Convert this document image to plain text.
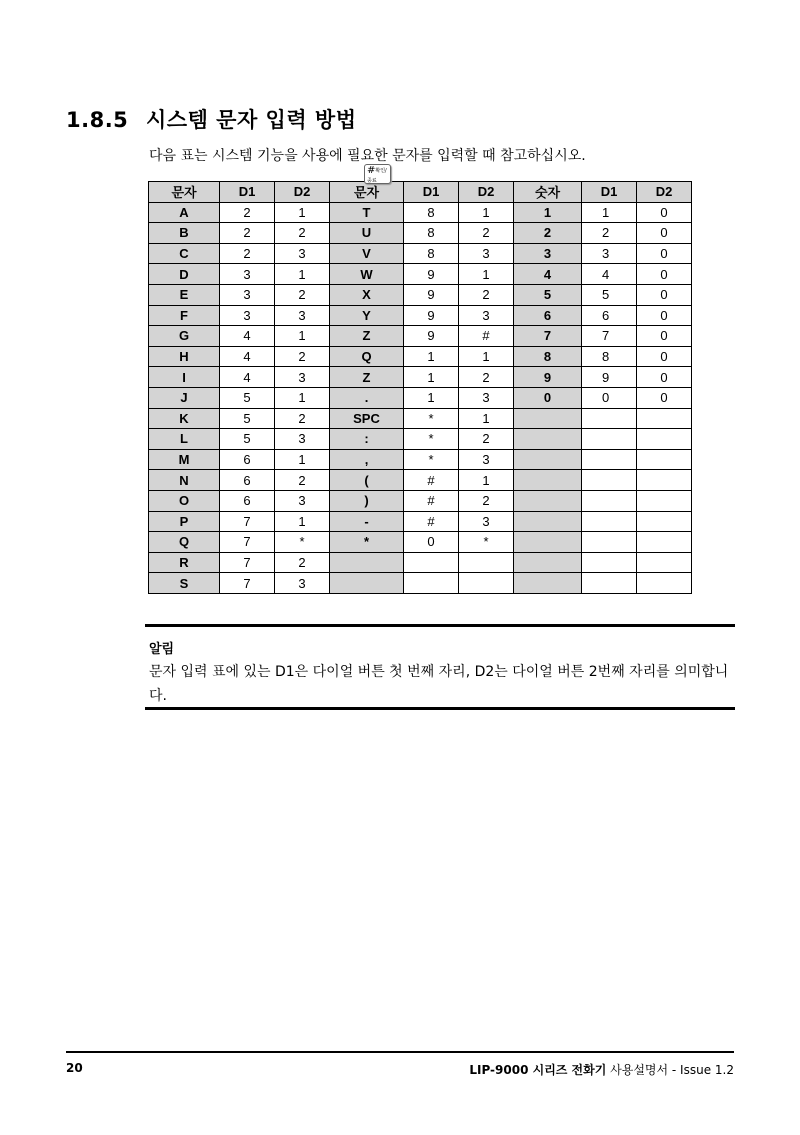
1.8.5 시스템 문자 입력 방법
다음 표는 시스템 기능을 사용에 필요한 문자를 입력할 때 참고하십시오.
#$^{확인/종료}$
문자	D1	D2	문자	D1	D2	숫자	D1	D2
A	2	1	T	8	1	1	1	0
B	2	2	U	8	2	2	2	0
C	2	3	V	8	3	3	3	0
D	3	1	W	9	1	4	4	0
E	3	2	X	9	2	5	5	0
F	3	3	Y	9	3	6	6	0
G	4	1	Z	9	#	7	7	0
H	4	2	Q	1	1	8	8	0
I	4	3	Z	1	2	9	9	0
J	5	1	.	1	3	0	0	0
K	5	2	SPC	*	1			
L	5	3	:	*	2			
M	6	1	,	*	3			
N	6	2	(	#	1			
O	6	3	)	#	2			
P	7	1	-	#	3			
Q	7	*	*	0	*			
R	7	2						
S	7	3						
알림
문자 입력 표에 있는 D1은 다이얼 버튼 첫 번째 자리, D2는 다이얼 버튼 2번째 자리를 의미합니다.
20	LIP-9000 시리즈 전화기 사용설명서 - Issue 1.2
